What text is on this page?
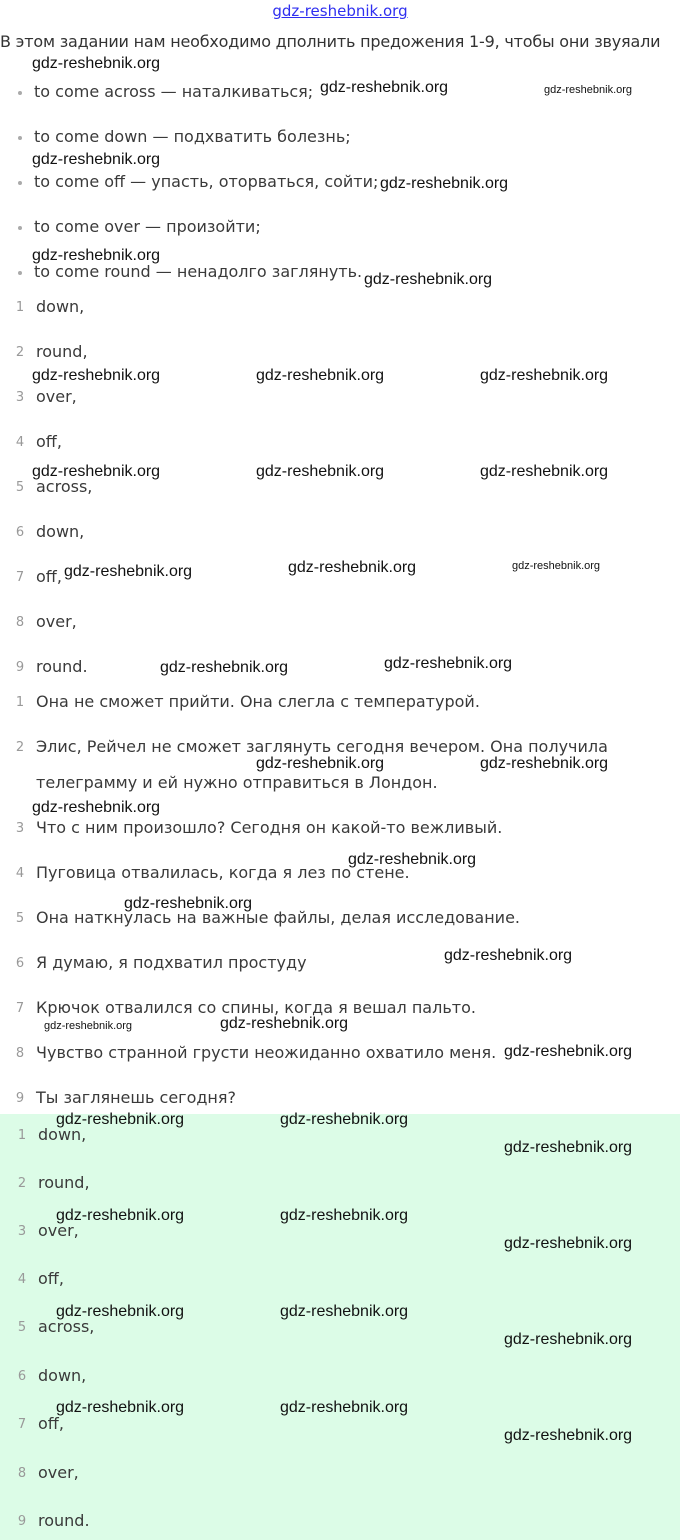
gdz-reshebnik.org
В этом задании нам необходимо дполнить предожения 1-9, чтобы они звуяали
to come across — наталкиваться;
to come down — подхватить болезнь;
to come off — упасть, оторваться, сойти;
to come over — произойти;
to come round — ненадолго заглянуть.
1 down,
2 round,
3 over,
4 off,
5 across,
6 down,
7 off,
8 over,
9 round.
1 Она не сможет прийти. Она слегла с температурой.
2 Элис, Рейчел не сможет заглянуть сегодня вечером. Она получила
телеграмму и ей нужно отправиться в Лондон.
3 Что с ним произошло? Сегодня он какой-то вежливый.
4 Пуговица отвалилась, когда я лез по стене.
5 Она наткнулась на важные файлы, делая исследование.
6 Я думаю, я подхватил простуду
7 Крючок отвалился со спины, когда я вешал пальто.
8 Чувство странной грусти неожиданно охватило меня.
9 Ты заглянешь сегодня?
1 down,
2 round,
3 over,
4 off,
5 across,
6 down,
7 off,
8 over,
9 round.
gdz-reshebnik.org
gdz-reshebnik.org	gdz-reshebnik.org
gdz-reshebnik.org
gdz-reshebnik.org
gdz-reshebnik.org
gdz-reshebnik.org
gdz-reshebnik.org	gdz-reshebnik.org	gdz-reshebnik.org
gdz-reshebnik.org	gdz-reshebnik.org	gdz-reshebnik.org
gdz-reshebnik.org	gdz-reshebnik.org	gdz-reshebnik.org
gdz-reshebnik.org	gdz-reshebnik.org
gdz-reshebnik.org	gdz-reshebnik.org
gdz-reshebnik.org
gdz-reshebnik.org
gdz-reshebnik.org
gdz-reshebnik.org
gdz-reshebnik.org	gdz-reshebnik.org
gdz-reshebnik.org
gdz-reshebnik.org	gdz-reshebnik.org
gdz-reshebnik.org
gdz-reshebnik.org	gdz-reshebnik.org
gdz-reshebnik.org
gdz-reshebnik.org	gdz-reshebnik.org
gdz-reshebnik.org
gdz-reshebnik.org	gdz-reshebnik.org
gdz-reshebnik.org
